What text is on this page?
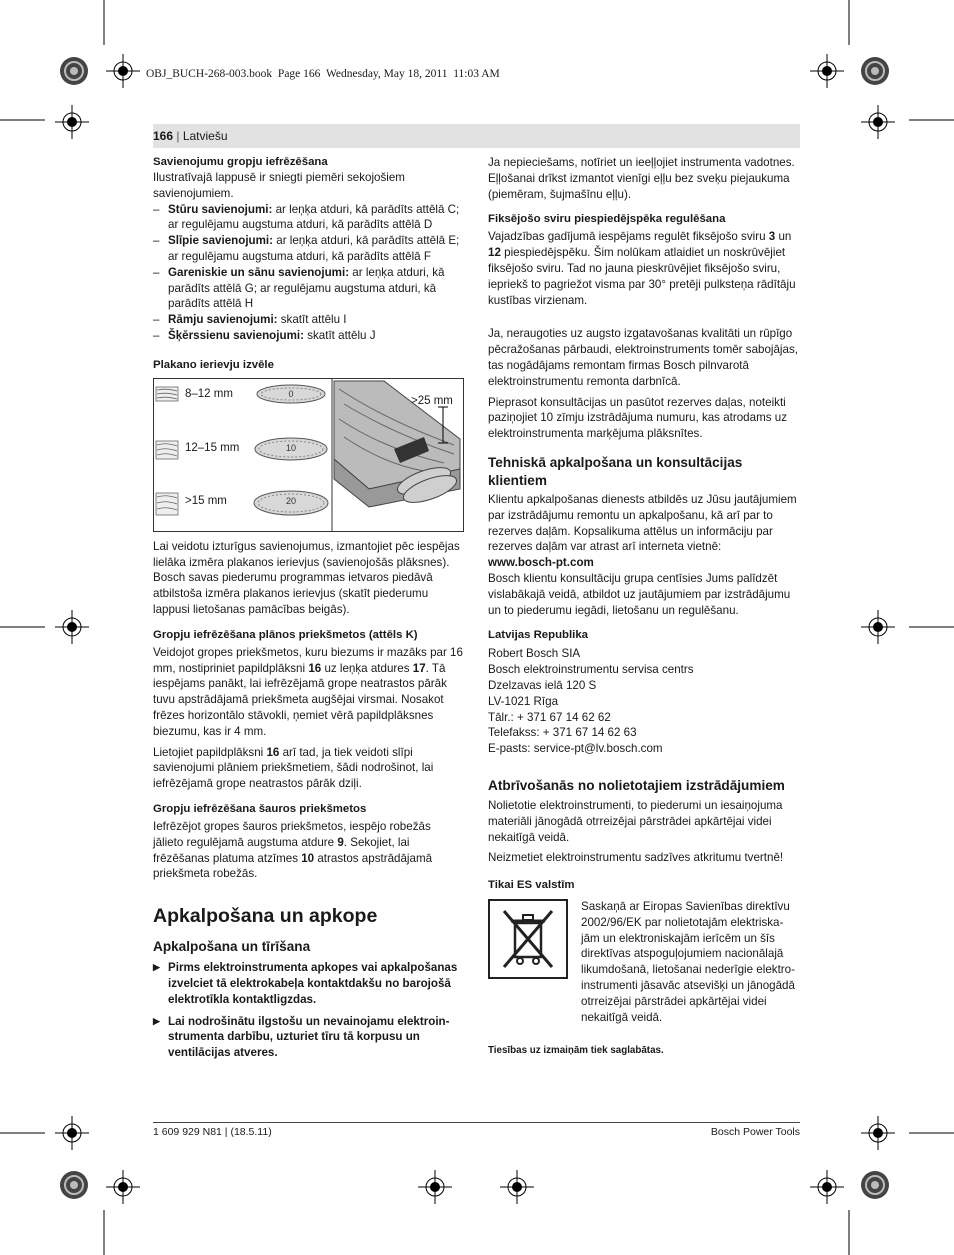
OBJ_BUCH-268-003.book  Page 166  Wednesday, May 18, 2011  11:03 AM
166 | Latviešu

Savienojumu gropju iefrēzēšana

Ilustratīvajā lappusē ir sniegti piemēri sekojošiem savienojumiem.

– Stūru savienojumi: ar leņķa atduri, kā parādīts attēlā C; ar regulējamu augstuma atduri, kā parādīts attēlā D
– Slīpie savienojumi: ar leņķa atduri, kā parādīts attēlā E; ar regulējamu augstuma atduri, kā parādīts attēlā F
– Gareniskie un sānu savienojumi: ar leņķa atduri, kā parādīts attēlā G; ar regulējamu augstuma atduri, kā parādīts attēlā H
– Rāmju savienojumi: skatīt attēlu I
– Šķērssienu savienojumi: skatīt attēlu J

Plakano ierievju izvēle

8–12 mm	0
12–15 mm	10
>15 mm	20
>25 mm

Lai veidotu izturīgus savienojumus, izmantojiet pēc iespējas lielāka izmēra plakanos ierievjus (savienojošās plāksnes). Bosch savas piederumu programmas ietvaros piedāvā atbilstoša izmēra plakanos ierievjus (skatīt piederumu lappusi lietošanas pamācības beigās).

Gropju iefrēzēšana plānos priekšmetos (attēls K)

Veidojot gropes priekšmetos, kuru biezums ir mazāks par 16 mm, nostipriniet papildplāksni 16 uz leņķa atdures 17. Tā iespējams panākt, lai iefrēzējamā grope neatrastos pārāk tuvu apstrādājamā priekšmeta augšējai virsmai. Nosakot frēzes horizontālo stāvokli, ņemiet vērā papildplāksnes biezumu, kas ir 4 mm.

Lietojiet papildplāksni 16 arī tad, ja tiek veidoti slīpi savienojumi plāniem priekšmetiem, šādi nodrošinot, lai iefrēzējamā grope neatrastos pārāk dziļi.

Gropju iefrēzēšana šauros priekšmetos

Iefrēzējot gropes šauros priekšmetos, iespējo robežās jālieto regulējamā augstuma atdure 9. Sekojiet, lai frēzēšanas platuma atzīmes 10 atrastos apstrādājamā priekšmeta robežās.

Apkalpošana un apkope

Apkalpošana un tīrīšana

▶ Pirms elektroinstrumenta apkopes vai apkalpošanas izvelciet tā elektrokabeļa kontaktdakšu no barojošā elektrotīkla kontaktligzdas.
▶ Lai nodrošinātu ilgstošu un nevainojamu elektroinstrumenta darbību, uzturiet tīru tā korpusu un ventilācijas atveres.

Ja nepieciešams, notīriet un ieeļļojiet instrumenta vadotnes. Eļļošanai drīkst izmantot vienīgi eļļu bez sveķu piejaukuma (piemēram, šujmašīnu eļļu).

Fiksējošo sviru piespiedējspēka regulēšana

Vajadzības gadījumā iespējams regulēt fiksējošo sviru 3 un 12 piespiedējspēku. Šim nolūkam atlaidiet un noskrūvējiet fiksējošo sviru. Tad no jauna pieskrūvējiet fiksējošo sviru, iepriekš to pagriežot visma par 30° pretēji pulksteņa rādītāju kustības virzienam.

Ja, neraugoties uz augsto izgatavošanas kvalitāti un rūpīgo pēcražošanas pārbaudi, elektroinstruments tomēr sabojājas, tas nogādājams remontam firmas Bosch pilnvarotā elektroinstrumentu remonta darbnīcā.

Pieprasot konsultācijas un pasūtot rezerves daļas, noteikti paziņojiet 10 zīmju izstrādājuma numuru, kas atrodams uz elektroinstrumenta marķējuma plāksnītes.

Tehniskā apkalpošana un konsultācijas klientiem

Klientu apkalpošanas dienests atbildēs uz Jūsu jautājumiem par izstrādājumu remontu un apkalpošanu, kā arī par to rezerves daļām. Kopsalikuma attēlus un informāciju par rezerves daļām var atrast arī interneta vietnē:

www.bosch-pt.com

Bosch klientu konsultāciju grupa centīsies Jums palīdzēt vislabākajā veidā, atbildot uz jautājumiem par izstrādājumu un to piederumu iegādi, lietošanu un regulēšanu.

Latvijas Republika

Robert Bosch SIA

Bosch elektroinstrumentu servisa centrs

Dzelzavas ielā 120 S

LV-1021 Rīga

Tālr.: + 371 67 14 62 62

Telefakss: + 371 67 14 62 63

E-pasts: service-pt@lv.bosch.com

Atbrīvošanās no nolietotajiem izstrādājumiem

Nolietotie elektroinstrumenti, to piederumi un iesaiņojuma materiāli jānogādā otrreizējai pārstrādei apkārtējai videi nekaitīgā veidā.

Neizmetiet elektroinstrumentu sadzīves atkritumu tvertnē!

Tikai ES valstīm

Saskaņā ar Eiropas Savienības direktīvu

2002/96/EK par nolietotajām elektriska-

jām un elektroniskajām ierīcēm un šīs

direktīvas atspoguļojumiem nacionālajā

likumdošanā, lietošanai nederīgie elektro-

instrumenti jāsavāc atsevišķi un jānogādā

otrreizējai pārstrādei apkārtējai videi

nekaitīgā veidā.

Tiesības uz izmaiņām tiek saglabātas.

1 609 929 N81 | (18.5.11)	Bosch Power Tools
